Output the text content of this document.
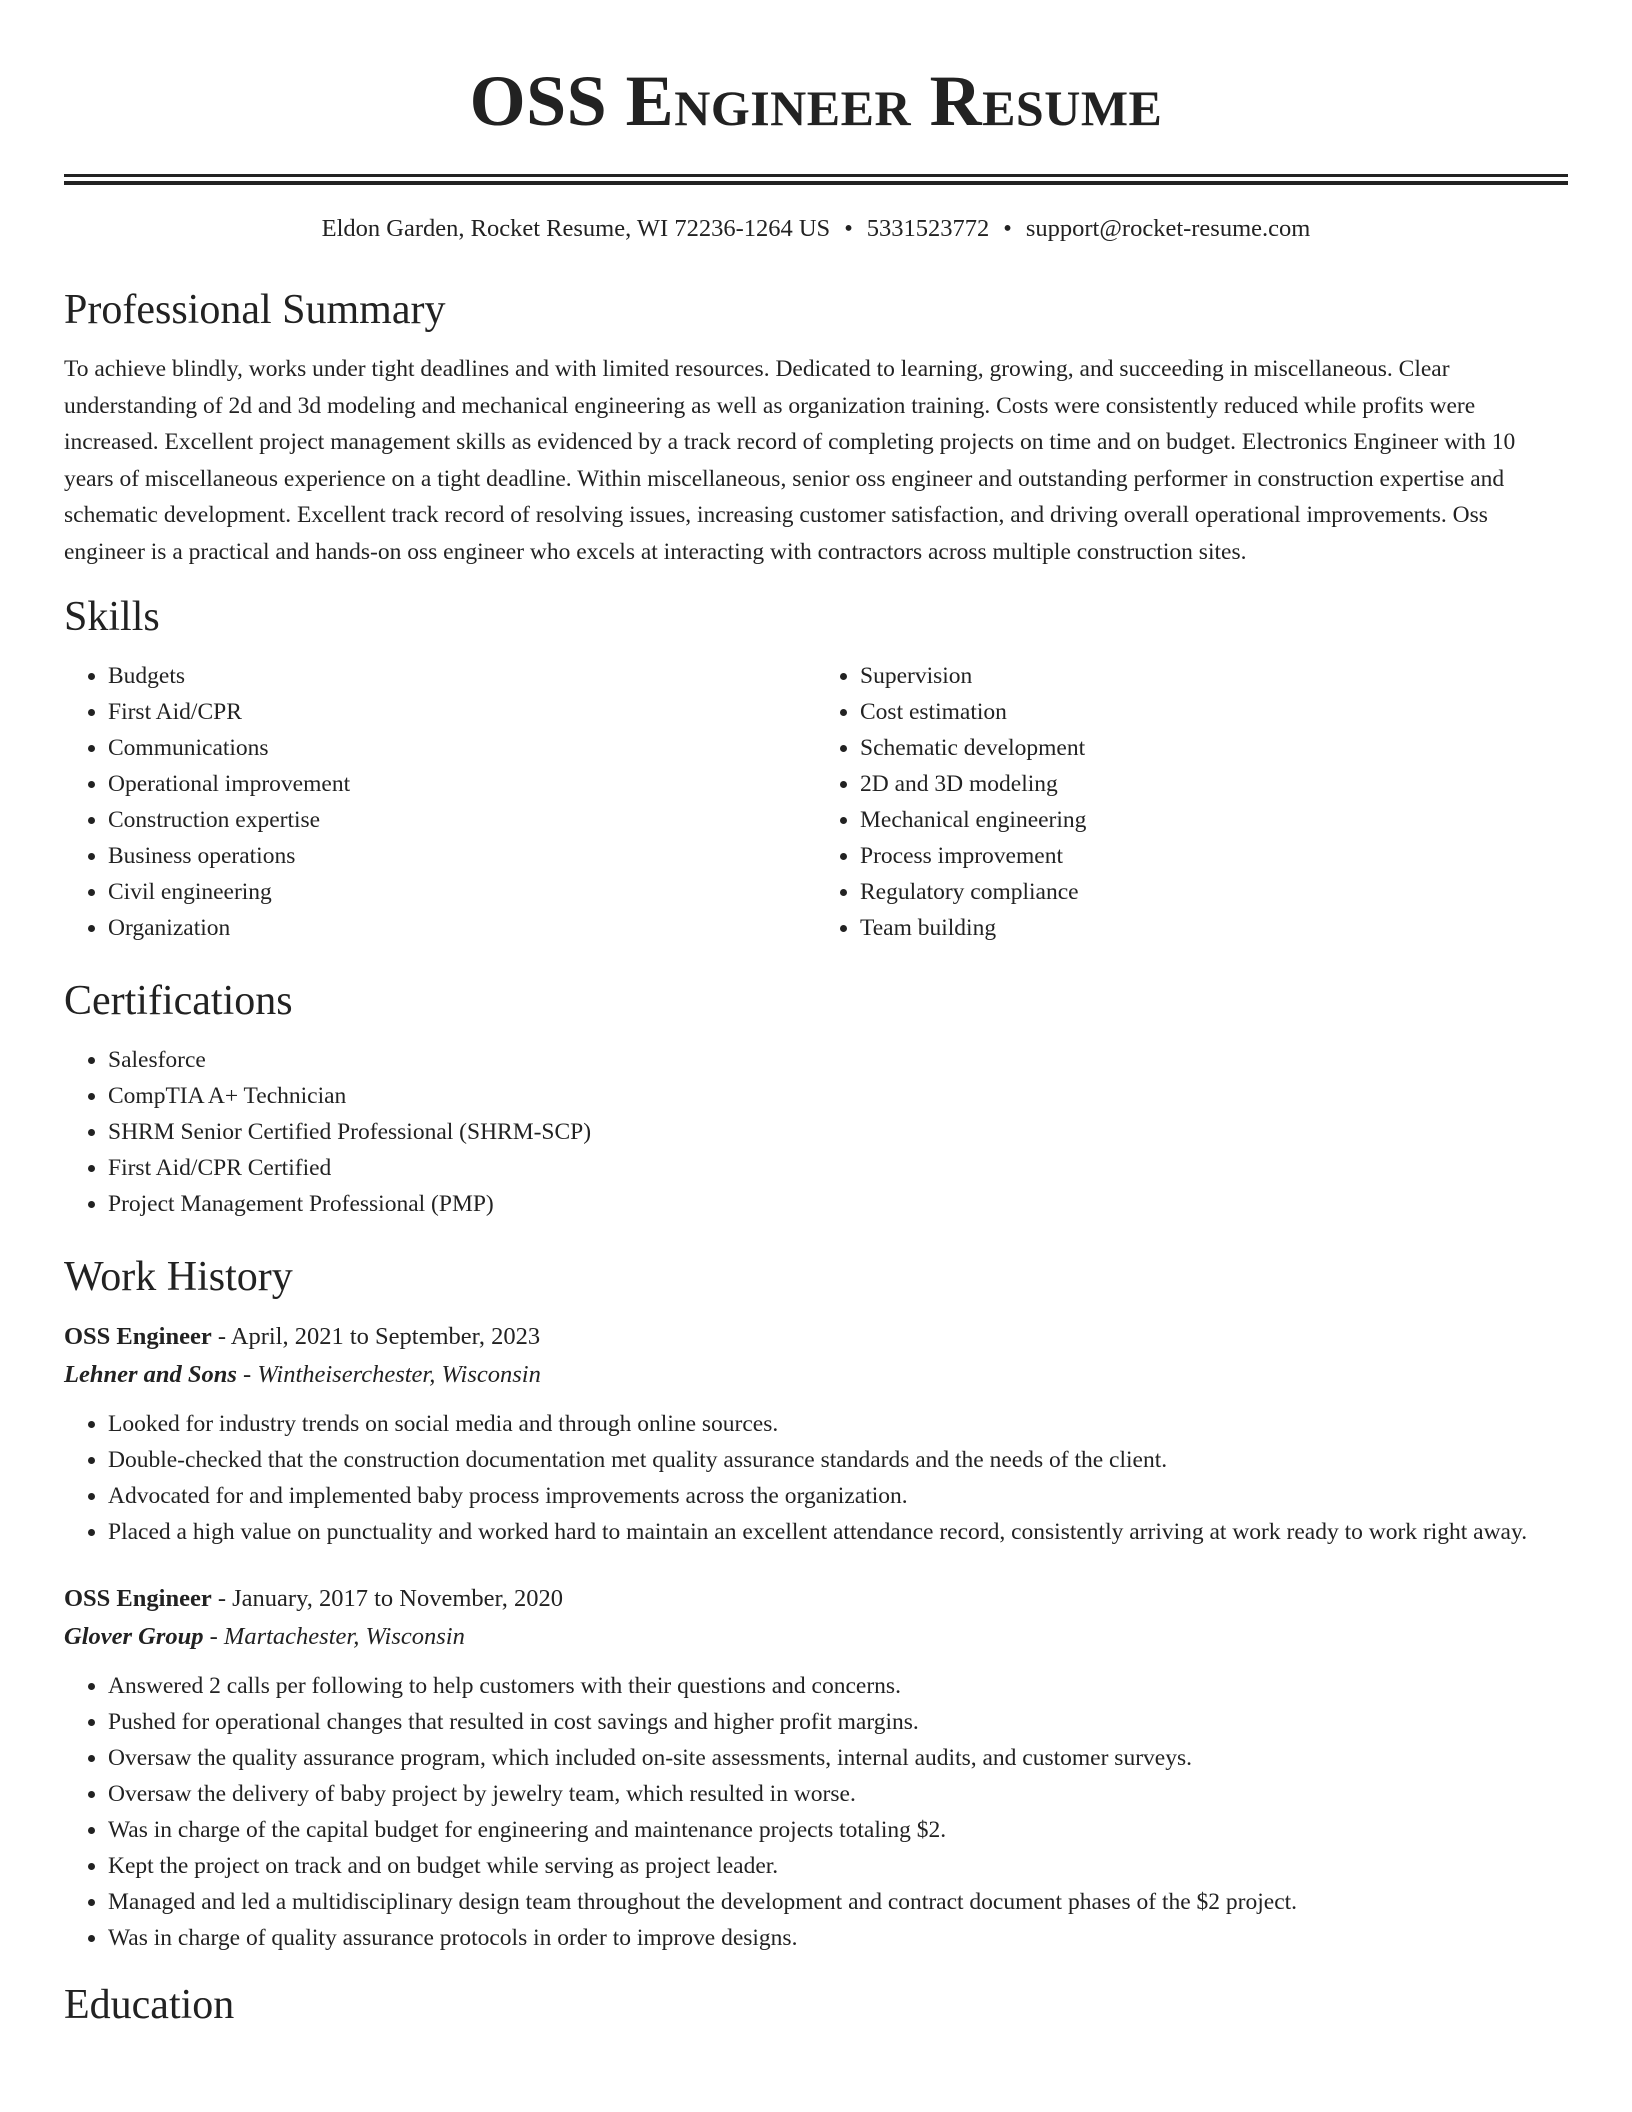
OSS Engineer Resume
Eldon Garden, Rocket Resume, WI 72236-1264 US • 5331523772 • support@rocket-resume.com
Professional Summary

To achieve blindly, works under tight deadlines and with limited resources. Dedicated to learning, growing, and succeeding in miscellaneous. Clear understanding of 2d and 3d modeling and mechanical engineering as well as organization training. Costs were consistently reduced while profits were increased. Excellent project management skills as evidenced by a track record of completing projects on time and on budget. Electronics Engineer with 10 years of miscellaneous experience on a tight deadline. Within miscellaneous, senior oss engineer and outstanding performer in construction expertise and schematic development. Excellent track record of resolving issues, increasing customer satisfaction, and driving overall operational improvements. Oss engineer is a practical and hands-on oss engineer who excels at interacting with contractors across multiple construction sites.

Skills
• Budgets
• First Aid/CPR
• Communications
• Operational improvement
• Construction expertise
• Business operations
• Civil engineering
• Organization
• Supervision
• Cost estimation
• Schematic development
• 2D and 3D modeling
• Mechanical engineering
• Process improvement
• Regulatory compliance
• Team building
Certifications
• Salesforce
• CompTIA A+ Technician
• SHRM Senior Certified Professional (SHRM-SCP)
• First Aid/CPR Certified
• Project Management Professional (PMP)
Work History
OSS Engineer - April, 2021 to September, 2023
Lehner and Sons - Wintheiserchester, Wisconsin
• Looked for industry trends on social media and through online sources.
• Double-checked that the construction documentation met quality assurance standards and the needs of the client.
• Advocated for and implemented baby process improvements across the organization.
• Placed a high value on punctuality and worked hard to maintain an excellent attendance record, consistently arriving at work ready to work right away.
OSS Engineer - January, 2017 to November, 2020
Glover Group - Martachester, Wisconsin
• Answered 2 calls per following to help customers with their questions and concerns.
• Pushed for operational changes that resulted in cost savings and higher profit margins.
• Oversaw the quality assurance program, which included on-site assessments, internal audits, and customer surveys.
• Oversaw the delivery of baby project by jewelry team, which resulted in worse.
• Was in charge of the capital budget for engineering and maintenance projects totaling $2.
• Kept the project on track and on budget while serving as project leader.
• Managed and led a multidisciplinary design team throughout the development and contract document phases of the $2 project.
• Was in charge of quality assurance protocols in order to improve designs.
Education
